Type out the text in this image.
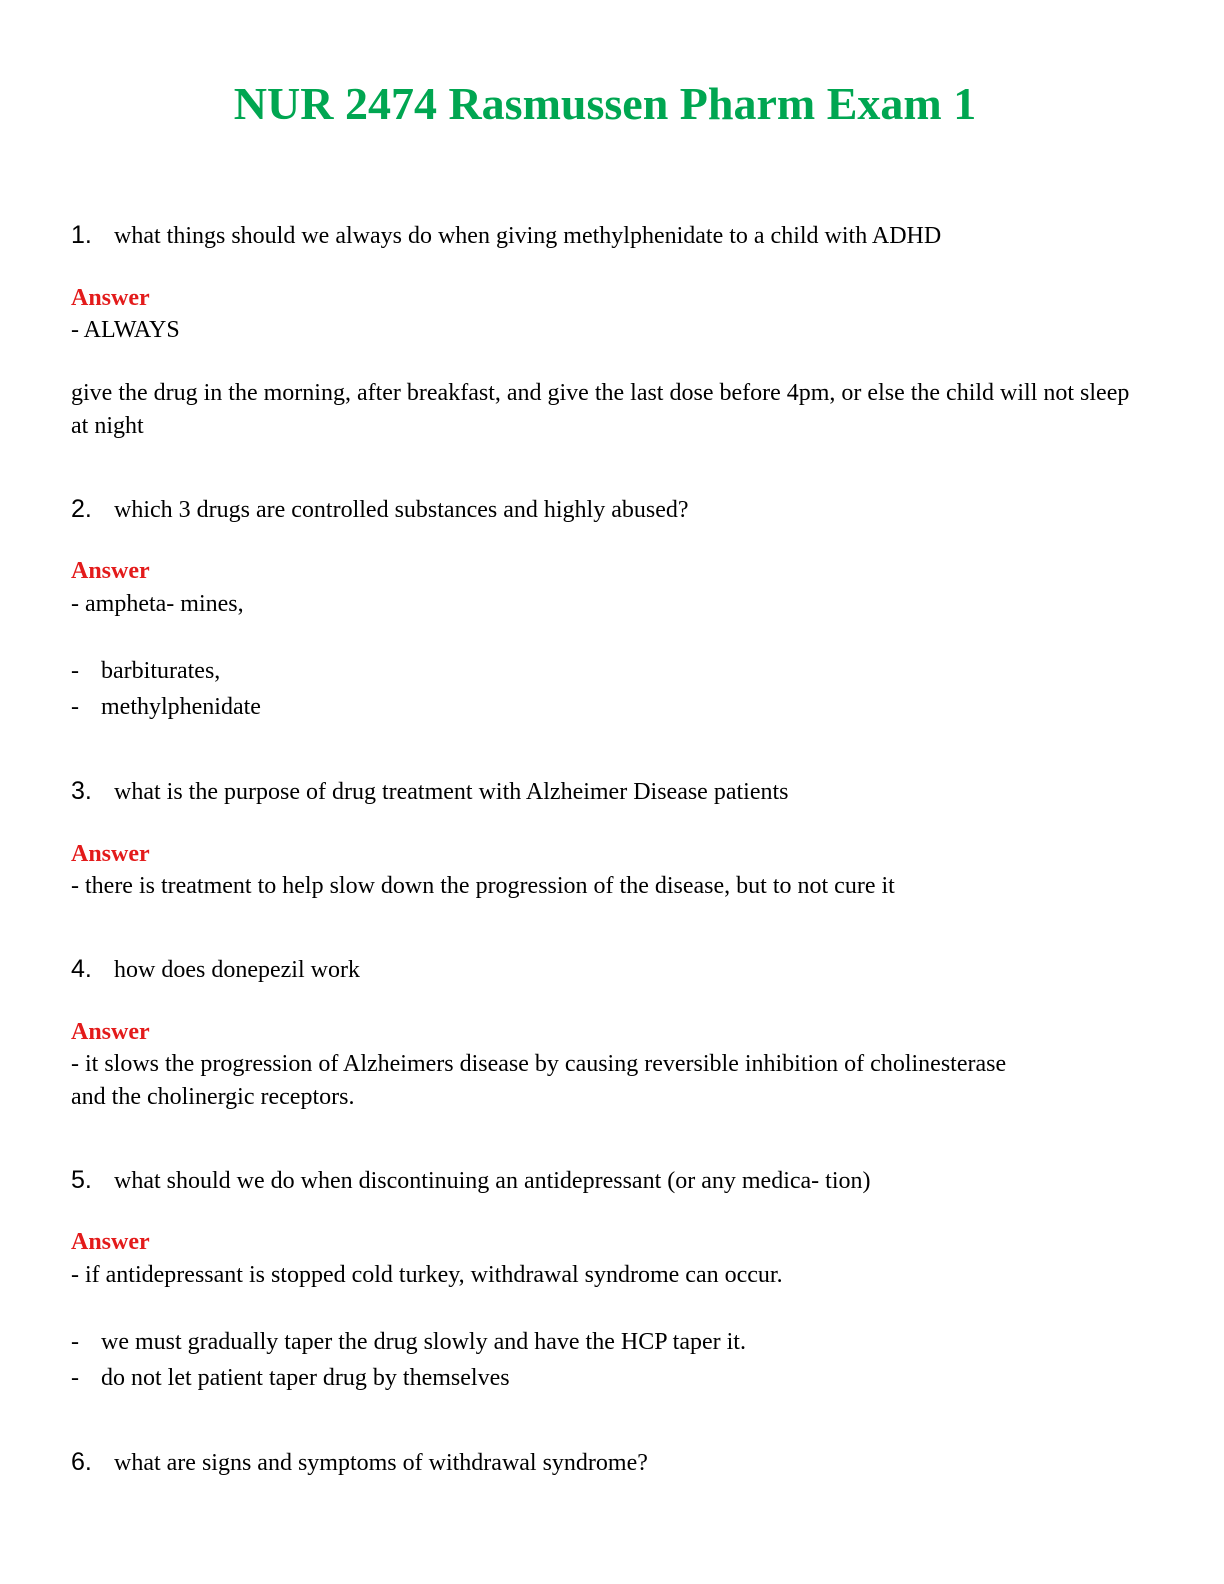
NUR 2474 Rasmussen Pharm Exam 1
1. what things should we always do when giving methylphenidate to a child with ADHD
Answer
- ALWAYS
give the drug in the morning, after breakfast, and give the last dose before 4pm, or else the child will not sleep at night
2. which 3 drugs are controlled substances and highly abused?
Answer
- ampheta- mines,
- barbiturates,
- methylphenidate
3. what is the purpose of drug treatment with Alzheimer Disease patients
Answer
- there is treatment to help slow down the progression of the disease, but to not cure it
4. how does donepezil work
Answer
- it slows the progression of Alzheimers disease by causing reversible inhibition of cholinesterase and the cholinergic receptors.
5. what should we do when discontinuing an antidepressant (or any medica- tion)
Answer
- if antidepressant is stopped cold turkey, withdrawal syndrome can occur.
- we must gradually taper the drug slowly and have the HCP taper it.
- do not let patient taper drug by themselves
6. what are signs and symptoms of withdrawal syndrome?
